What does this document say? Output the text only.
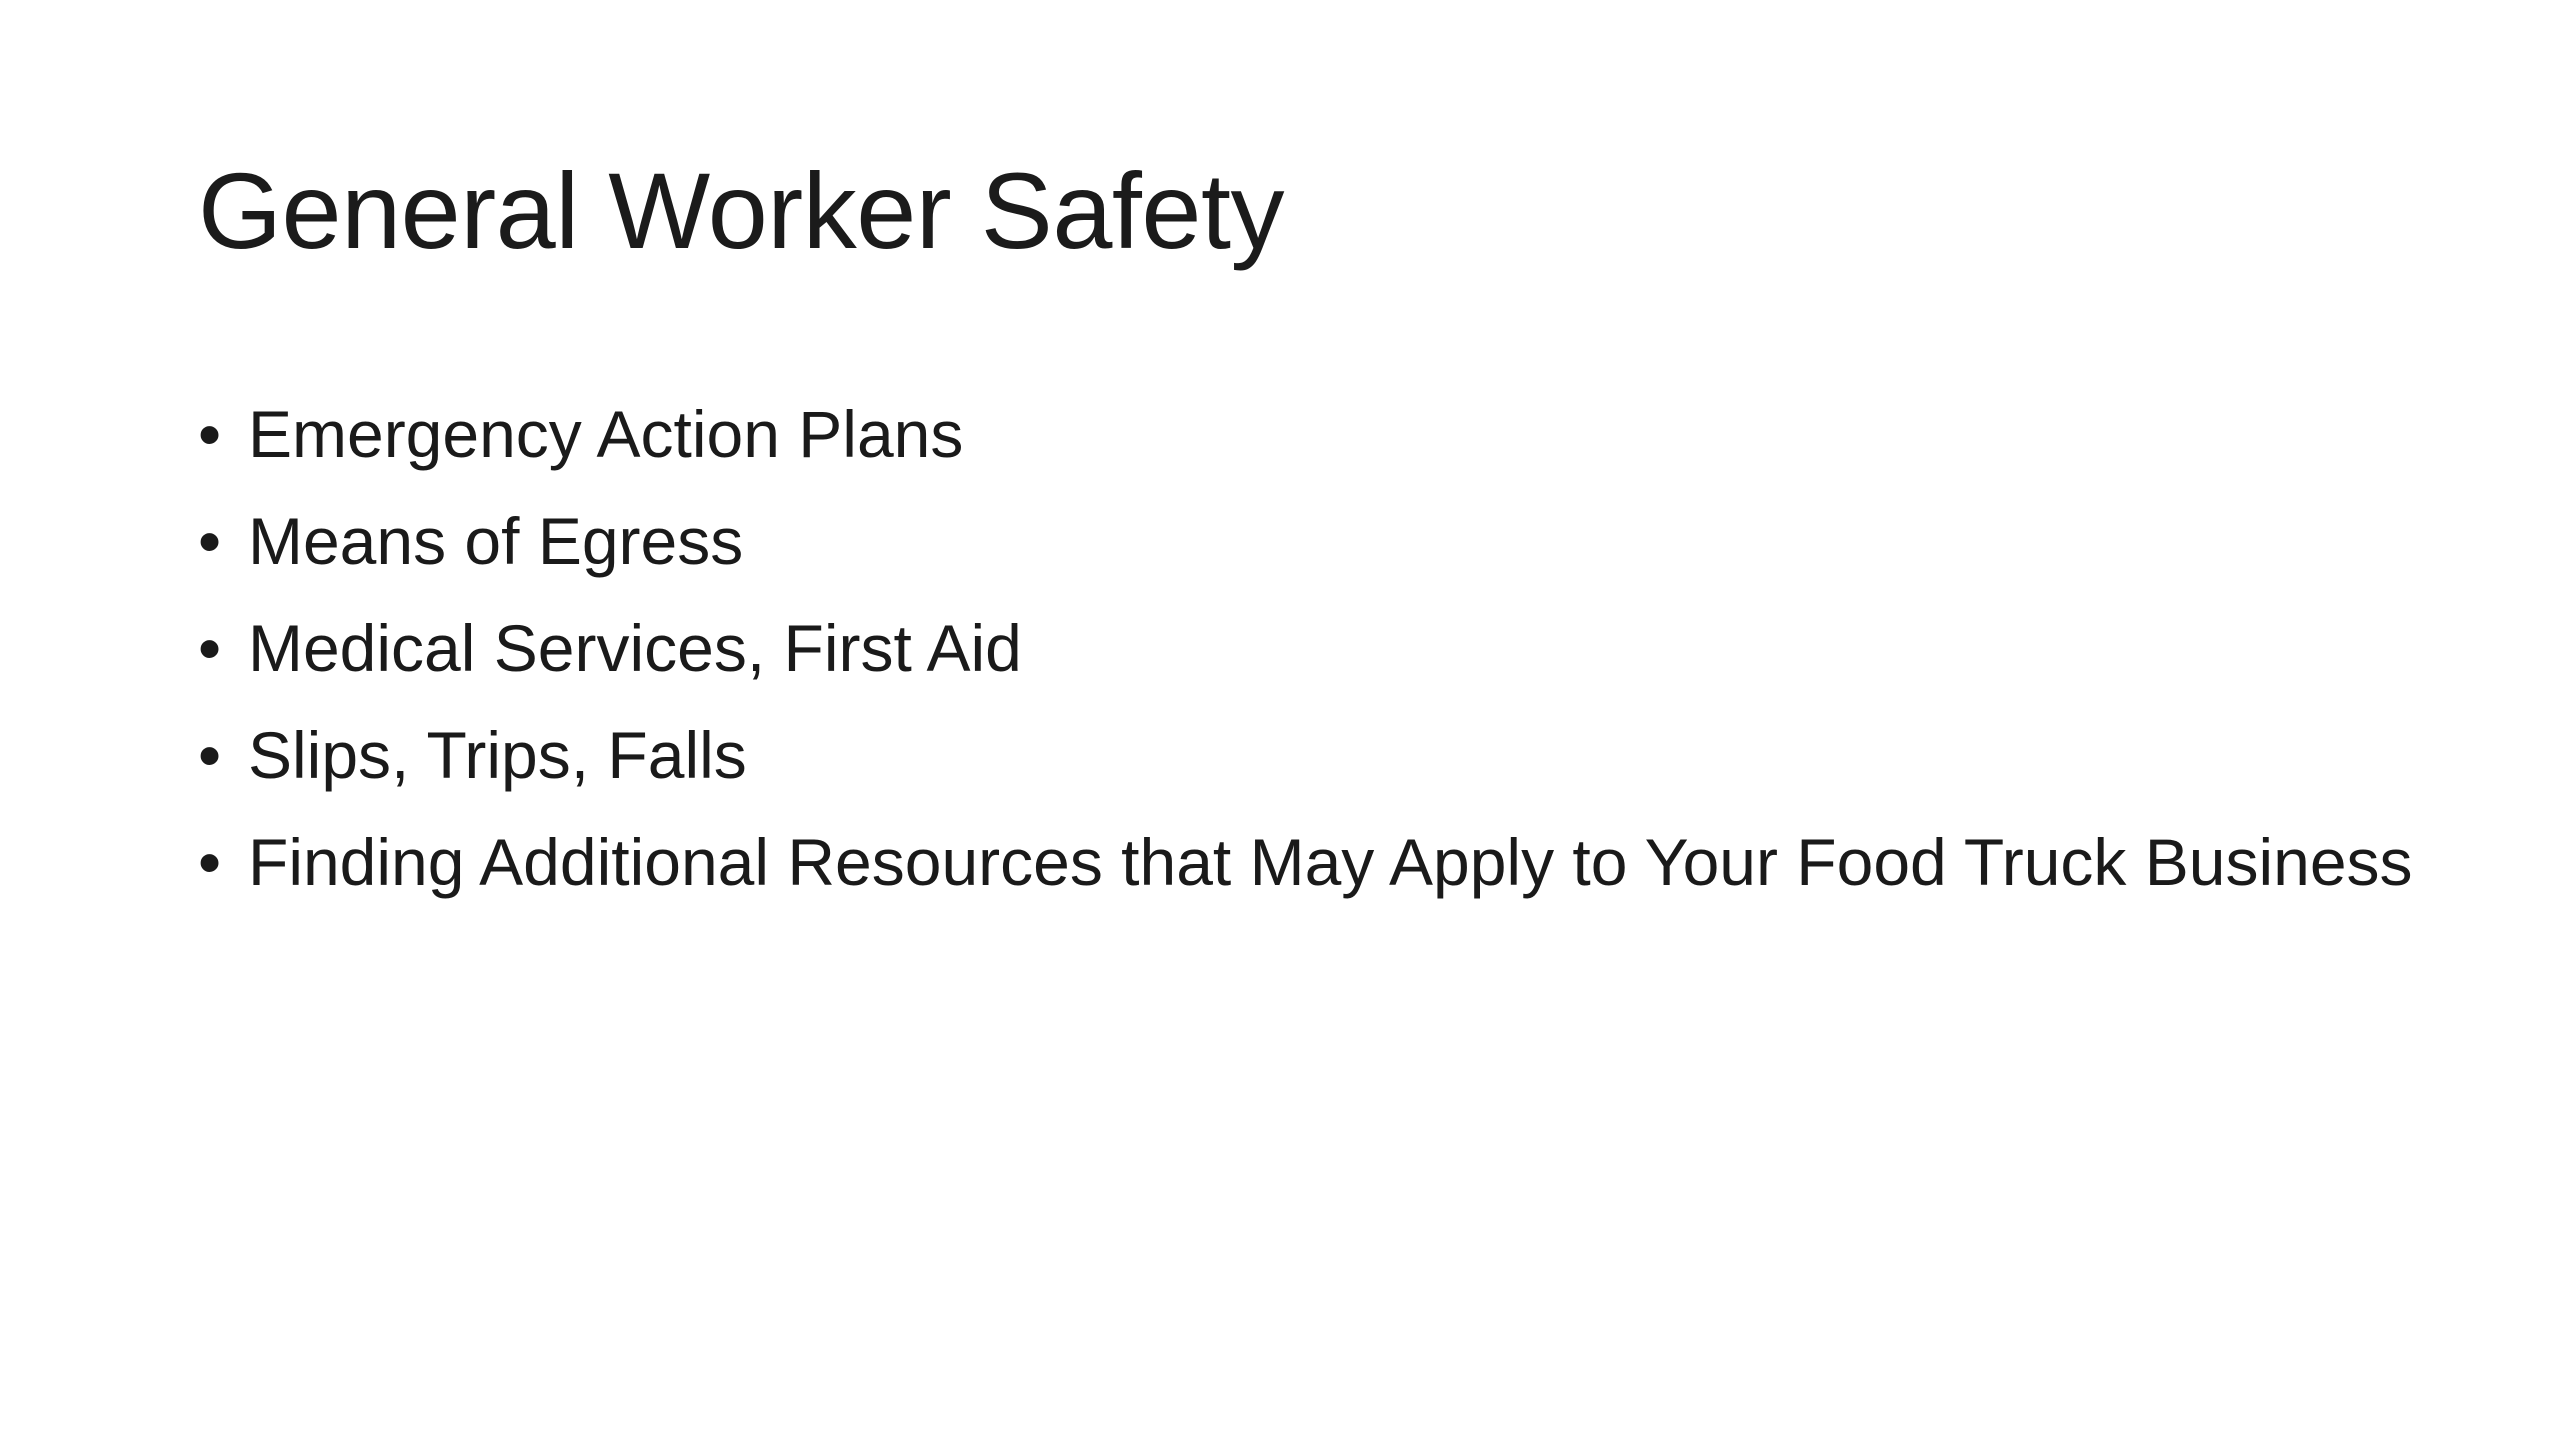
General Worker Safety
• Emergency Action Plans
• Means of Egress
• Medical Services, First Aid
• Slips, Trips, Falls
• Finding Additional Resources that May Apply to Your Food Truck Business
